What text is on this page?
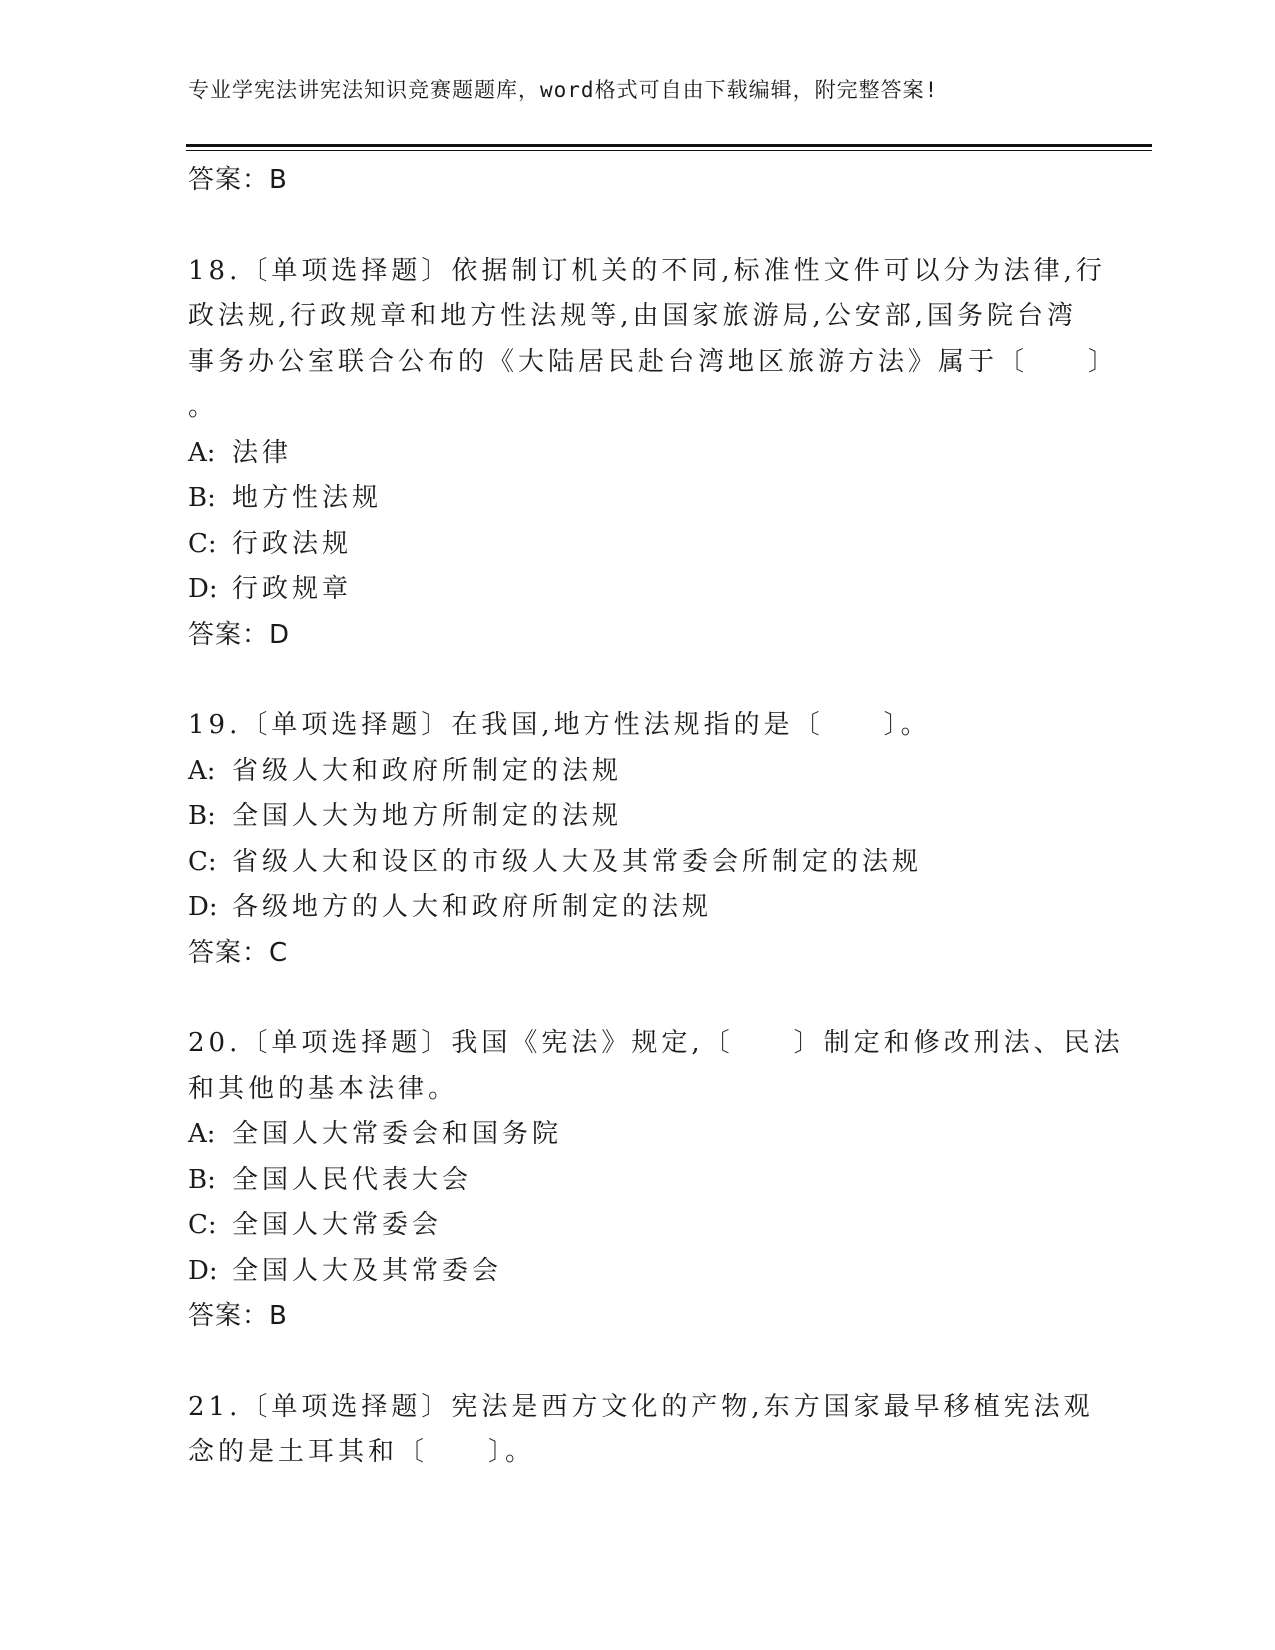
专业学宪法讲宪法知识竞赛题题库，word格式可自由下载编辑，附完整答案!
答案：B
18.〔单项选择题〕依据制订机关的不同,标准性文件可以分为法律,行
政法规,行政规章和地方性法规等,由国家旅游局,公安部,国务院台湾
事务办公室联合公布的《大陆居民赴台湾地区旅游方法》属于〔　　〕
。
A: 法律
B: 地方性法规
C: 行政法规
D: 行政规章
答案：D
19.〔单项选择题〕在我国,地方性法规指的是〔　　〕。
A: 省级人大和政府所制定的法规
B: 全国人大为地方所制定的法规
C: 省级人大和设区的市级人大及其常委会所制定的法规
D: 各级地方的人大和政府所制定的法规
答案：C
20.〔单项选择题〕我国《宪法》规定,〔　　〕制定和修改刑法、民法
和其他的基本法律。
A: 全国人大常委会和国务院
B: 全国人民代表大会
C: 全国人大常委会
D: 全国人大及其常委会
答案：B
21.〔单项选择题〕宪法是西方文化的产物,东方国家最早移植宪法观
念的是土耳其和〔　　〕。
